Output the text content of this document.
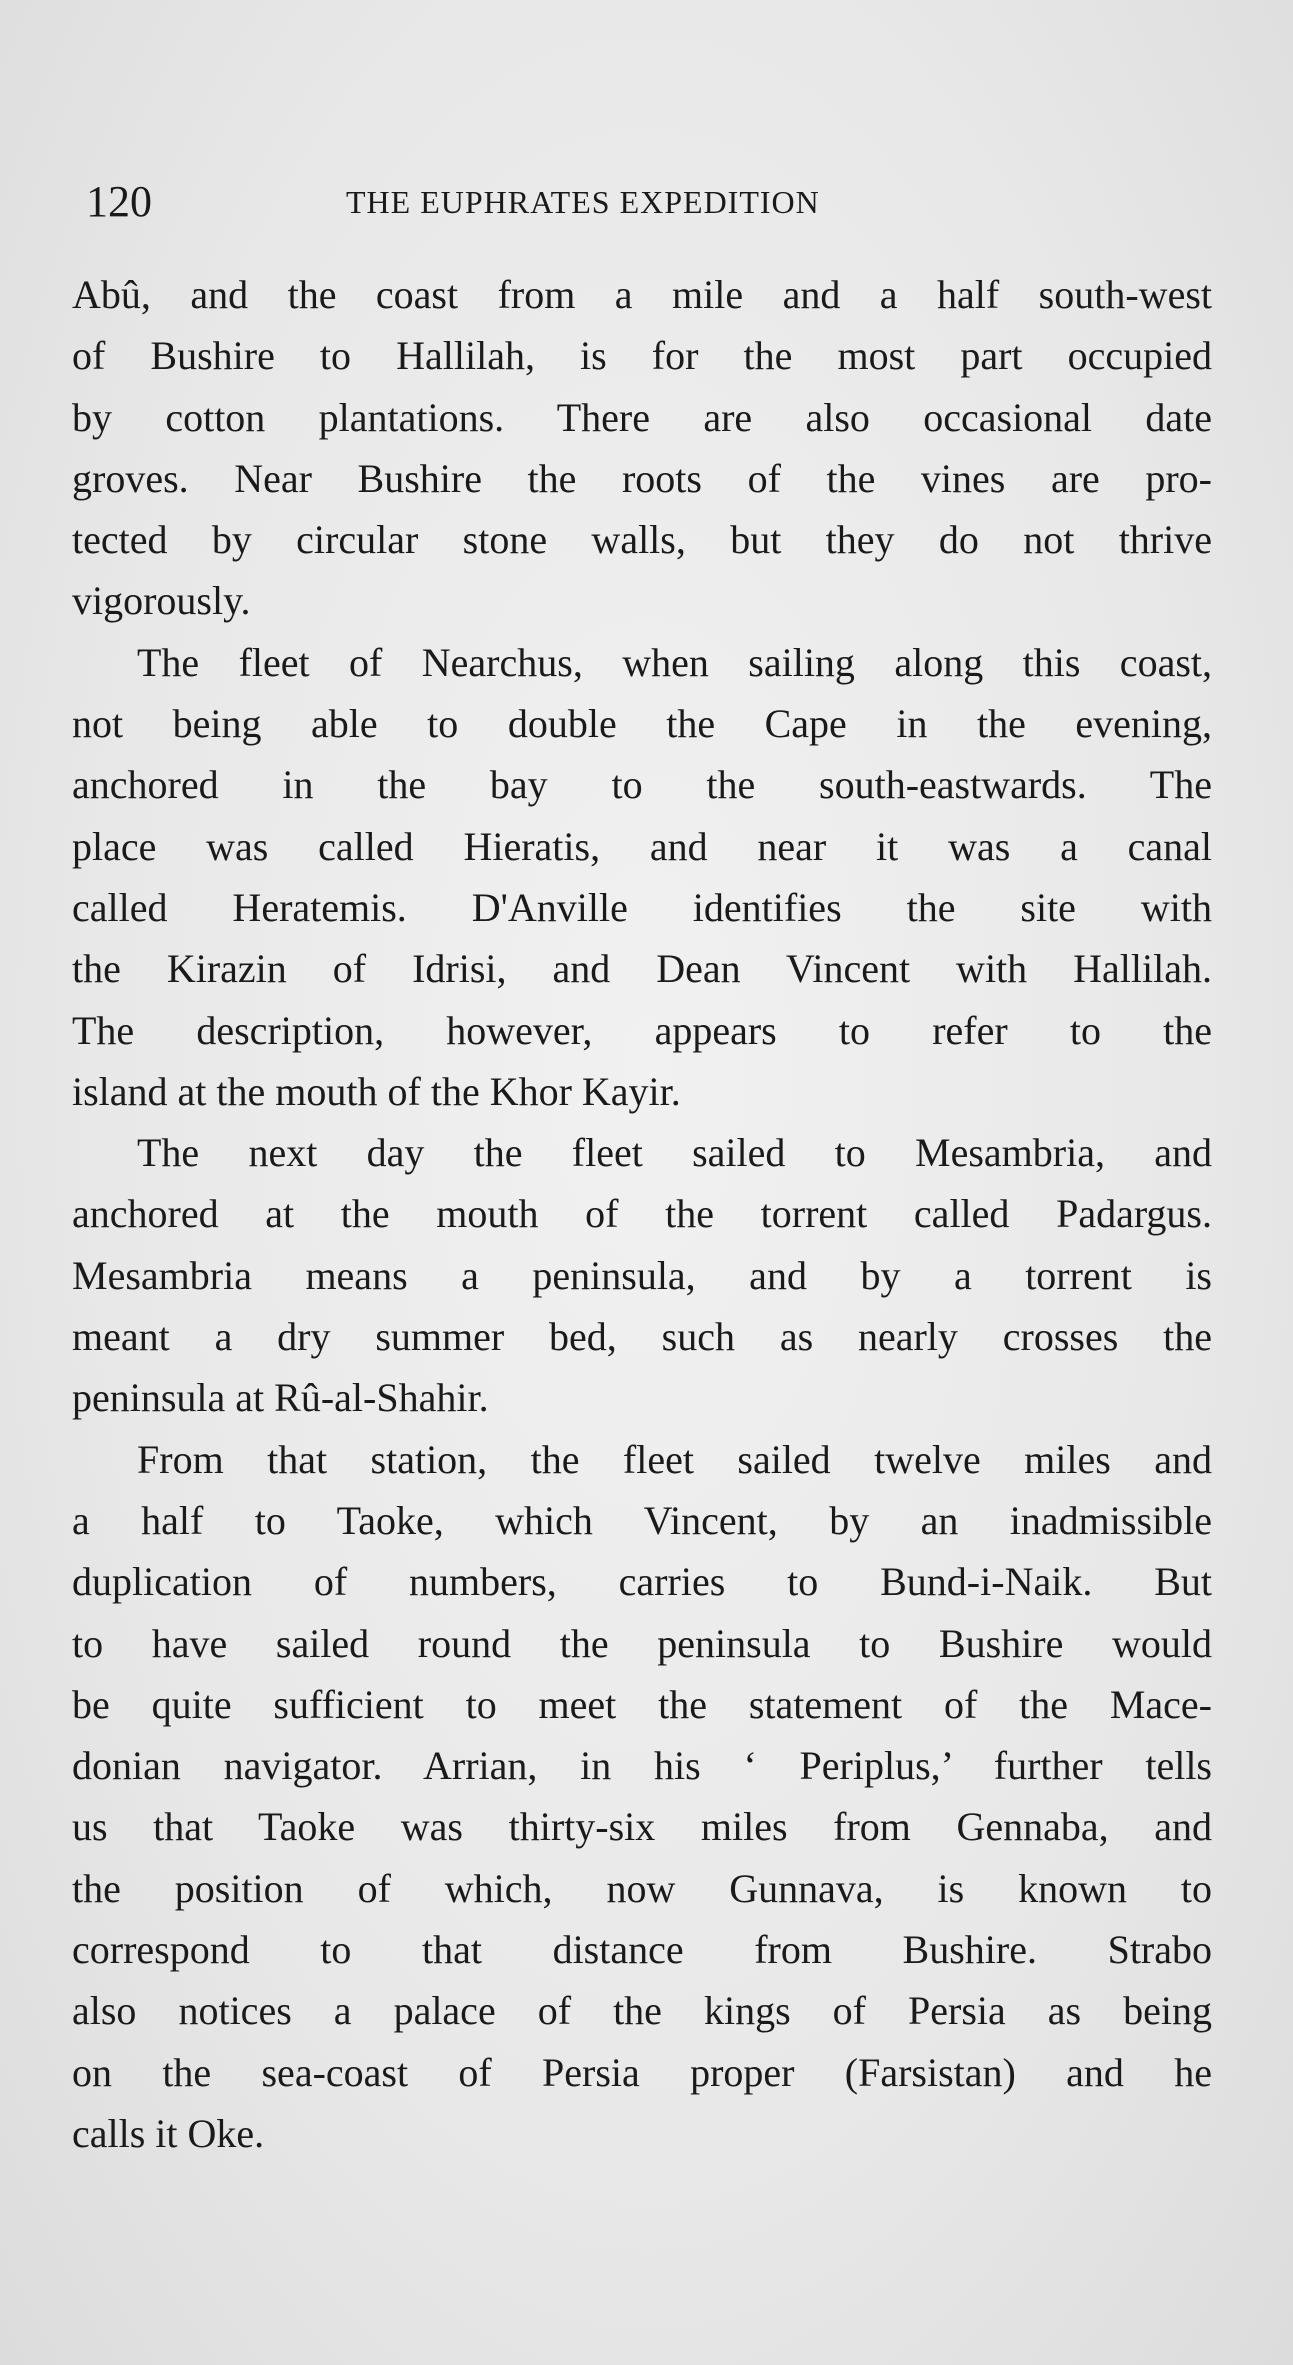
120	THE EUPHRATES EXPEDITION
Abû, and the coast from a mile and a half south-west
of Bushire to Hallilah, is for the most part occupied
by cotton plantations. There are also occasional date
groves. Near Bushire the roots of the vines are pro-
tected by circular stone walls, but they do not thrive
vigorously.
The fleet of Nearchus, when sailing along this coast,
not being able to double the Cape in the evening,
anchored in the bay to the south-eastwards. The
place was called Hieratis, and near it was a canal
called Heratemis. D'Anville identifies the site with
the Kirazin of Idrisi, and Dean Vincent with Hallilah.
The description, however, appears to refer to the
island at the mouth of the Khor Kayir.
The next day the fleet sailed to Mesambria, and
anchored at the mouth of the torrent called Padargus.
Mesambria means a peninsula, and by a torrent is
meant a dry summer bed, such as nearly crosses the
peninsula at Rû-al-Shahir.
From that station, the fleet sailed twelve miles and
a half to Taoke, which Vincent, by an inadmissible
duplication of numbers, carries to Bund-i-Naik. But
to have sailed round the peninsula to Bushire would
be quite sufficient to meet the statement of the Mace-
donian navigator. Arrian, in his ‘ Periplus,’ further tells
us that Taoke was thirty-six miles from Gennaba, and
the position of which, now Gunnava, is known to
correspond to that distance from Bushire. Strabo
also notices a palace of the kings of Persia as being
on the sea-coast of Persia proper (Farsistan) and he
calls it Oke.
